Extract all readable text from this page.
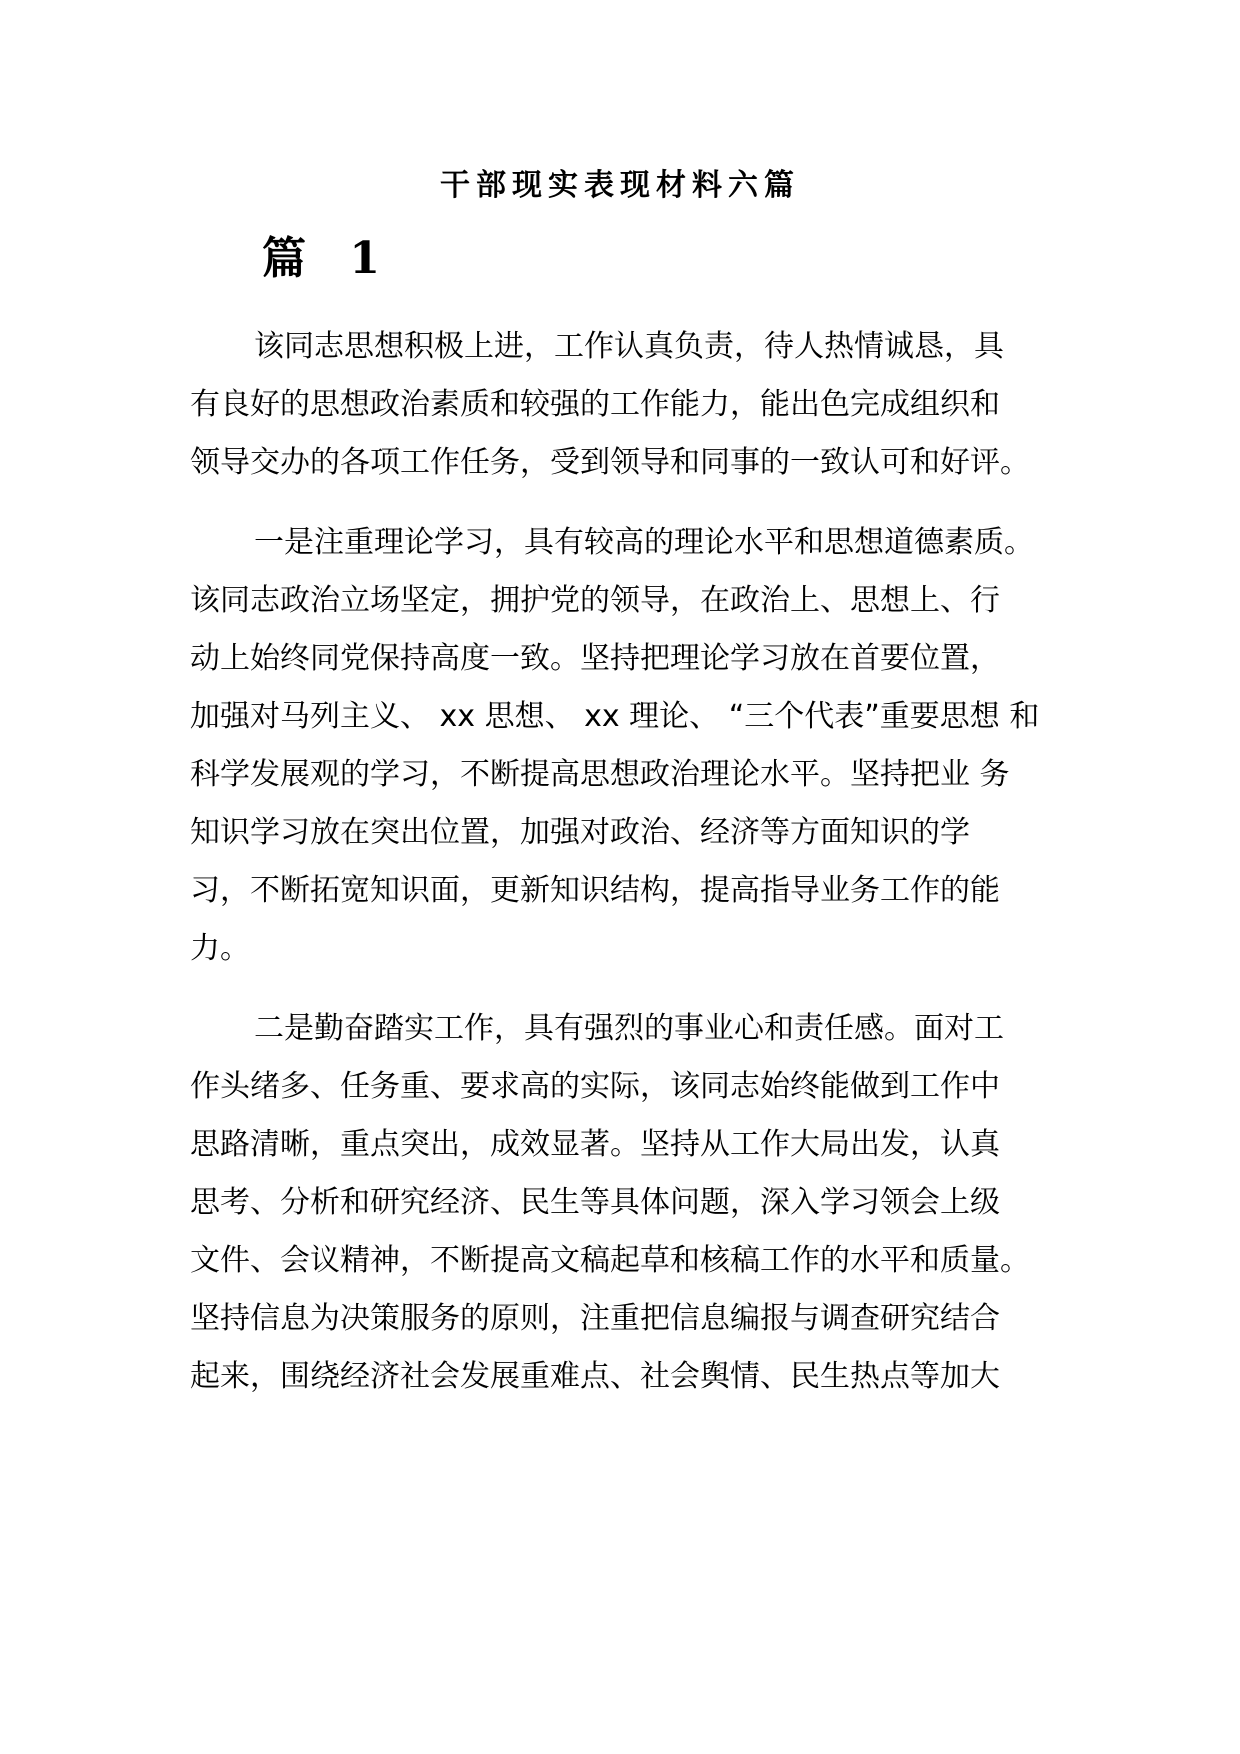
干部现实表现材料六篇
篇 1
该同志思想积极上进，工作认真负责，待人热情诚恳，具
有良好的思想政治素质和较强的工作能力，能出色完成组织和
领导交办的各项工作任务，受到领导和同事的一致认可和好评。
一是注重理论学习，具有较高的理论水平和思想道德素质。
该同志政治立场坚定，拥护党的领导，在政治上、思想上、行
动上始终同党保持高度一致。坚持把理论学习放在首要位置，
加强对马列主义、 xx 思想、 xx 理论、 “三个代表”重要思想 和
科学发展观的学习，不断提高思想政治理论水平。坚持把业 务
知识学习放在突出位置，加强对政治、经济等方面知识的学
习，不断拓宽知识面，更新知识结构，提高指导业务工作的能
力。
二是勤奋踏实工作，具有强烈的事业心和责任感。面对工
作头绪多、任务重、要求高的实际，该同志始终能做到工作中
思路清晰，重点突出，成效显著。坚持从工作大局出发，认真
思考、分析和研究经济、民生等具体问题，深入学习领会上级
文件、会议精神，不断提高文稿起草和核稿工作的水平和质量。
坚持信息为决策服务的原则，注重把信息编报与调查研究结合
起来，围绕经济社会发展重难点、社会舆情、民生热点等加大
